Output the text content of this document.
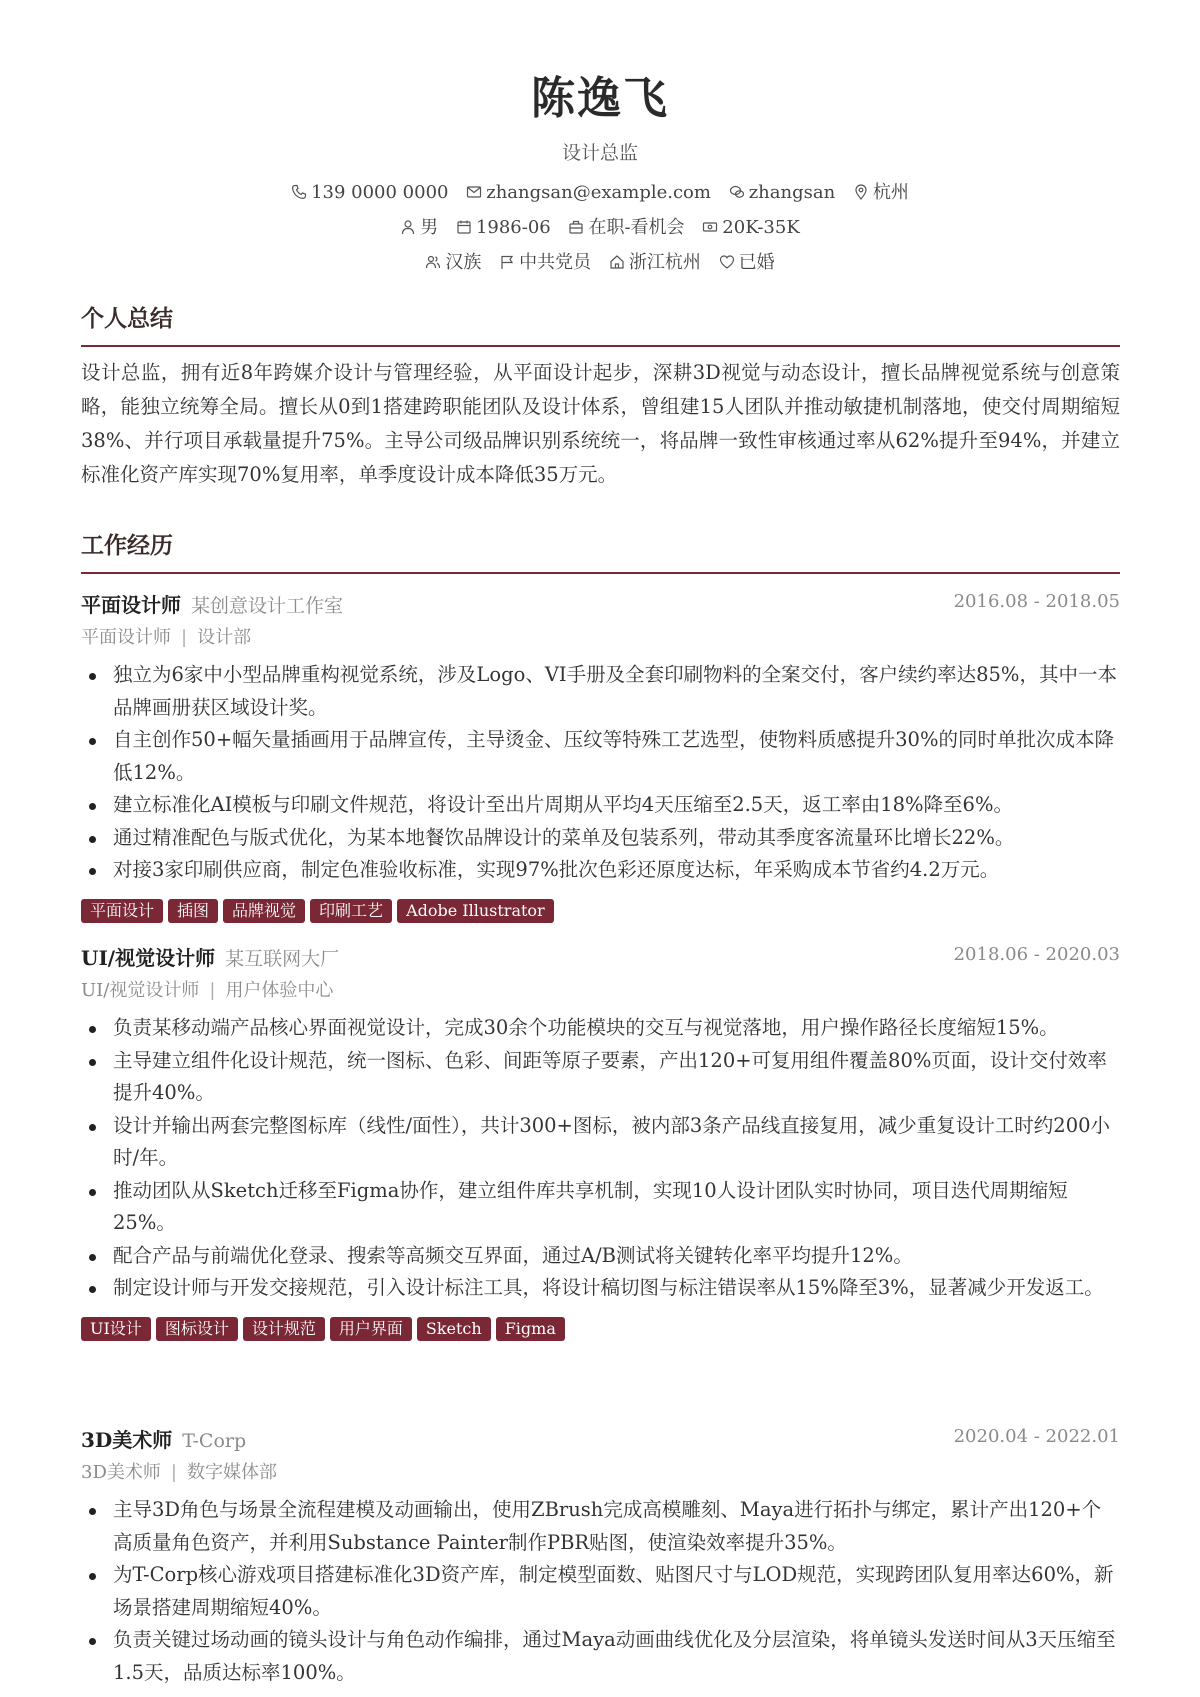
陈逸飞
设计总监
139 0000 0000 zhangsan@example.com zhangsan 杭州
男 1986-06 在职-看机会 20K-35K
汉族 中共党员 浙江杭州 已婚
个人总结
设计总监，拥有近8年跨媒介设计与管理经验，从平面设计起步，深耕3D视觉与动态设计，擅长品牌视觉系统与创意策略，能独立统筹全局。擅长从0到1搭建跨职能团队及设计体系，曾组建15人团队并推动敏捷机制落地，使交付周期缩短38%、并行项目承载量提升75%。主导公司级品牌识别系统统一，将品牌一致性审核通过率从62%提升至94%，并建立标准化资产库实现70%复用率，单季度设计成本降低35万元。
工作经历
平面设计师 某创意设计工作室	2016.08 - 2018.05
平面设计师 | 设计部
独立为6家中小型品牌重构视觉系统，涉及Logo、VI手册及全套印刷物料的全案交付，客户续约率达85%，其中一本品牌画册获区域设计奖。
自主创作50+幅矢量插画用于品牌宣传，主导烫金、压纹等特殊工艺选型，使物料质感提升30%的同时单批次成本降低12%。
建立标准化AI模板与印刷文件规范，将设计至出片周期从平均4天压缩至2.5天，返工率由18%降至6%。
通过精准配色与版式优化，为某本地餐饮品牌设计的菜单及包装系列，带动其季度客流量环比增长22%。
对接3家印刷供应商，制定色准验收标准，实现97%批次色彩还原度达标，年采购成本节省约4.2万元。
平面设计 插图 品牌视觉 印刷工艺 Adobe Illustrator
UI/视觉设计师 某互联网大厂	2018.06 - 2020.03
UI/视觉设计师 | 用户体验中心
负责某移动端产品核心界面视觉设计，完成30余个功能模块的交互与视觉落地，用户操作路径长度缩短15%。
主导建立组件化设计规范，统一图标、色彩、间距等原子要素，产出120+可复用组件覆盖80%页面，设计交付效率提升40%。
设计并输出两套完整图标库（线性/面性），共计300+图标，被内部3条产品线直接复用，减少重复设计工时约200小时/年。
推动团队从Sketch迁移至Figma协作，建立组件库共享机制，实现10人设计团队实时协同，项目迭代周期缩短25%。
配合产品与前端优化登录、搜索等高频交互界面，通过A/B测试将关键转化率平均提升12%。
制定设计师与开发交接规范，引入设计标注工具，将设计稿切图与标注错误率从15%降至3%，显著减少开发返工。
UI设计 图标设计 设计规范 用户界面 Sketch Figma
3D美术师 T-Corp	2020.04 - 2022.01
3D美术师 | 数字媒体部
主导3D角色与场景全流程建模及动画输出，使用ZBrush完成高模雕刻、Maya进行拓扑与绑定，累计产出120+个高质量角色资产，并利用Substance Painter制作PBR贴图，使渲染效率提升35%。
为T-Corp核心游戏项目搭建标准化3D资产库，制定模型面数、贴图尺寸与LOD规范，实现跨团队复用率达60%，新场景搭建周期缩短40%。
负责关键过场动画的镜头设计与角色动作编排，通过Maya动画曲线优化及分层渲染，将单镜头发送时间从3天压缩至1.5天，品质达标率100%。
